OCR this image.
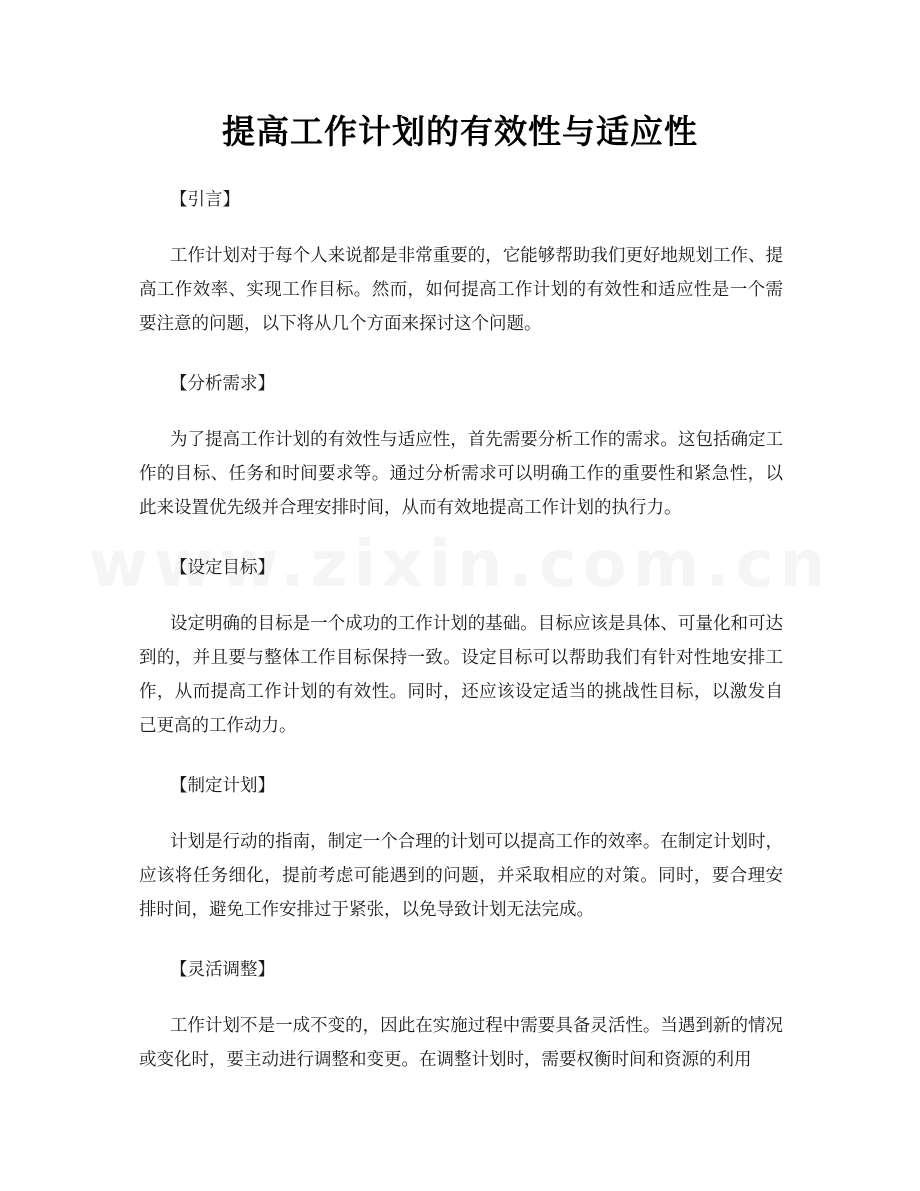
提高工作计划的有效性与适应性

【引言】

工作计划对于每个人来说都是非常重要的，它能够帮助我们更好地规划工作、提高工作效率、实现工作目标。然而，如何提高工作计划的有效性和适应性是一个需要注意的问题，以下将从几个方面来探讨这个问题。

【分析需求】

为了提高工作计划的有效性与适应性，首先需要分析工作的需求。这包括确定工作的目标、任务和时间要求等。通过分析需求可以明确工作的重要性和紧急性，以此来设置优先级并合理安排时间，从而有效地提高工作计划的执行力。

【设定目标】

设定明确的目标是一个成功的工作计划的基础。目标应该是具体、可量化和可达到的，并且要与整体工作目标保持一致。设定目标可以帮助我们有针对性地安排工作，从而提高工作计划的有效性。同时，还应该设定适当的挑战性目标，以激发自己更高的工作动力。

【制定计划】

计划是行动的指南，制定一个合理的计划可以提高工作的效率。在制定计划时，应该将任务细化，提前考虑可能遇到的问题，并采取相应的对策。同时，要合理安排时间，避免工作安排过于紧张，以免导致计划无法完成。

【灵活调整】

工作计划不是一成不变的，因此在实施过程中需要具备灵活性。当遇到新的情况或变化时，要主动进行调整和变更。在调整计划时，需要权衡时间和资源的利用
